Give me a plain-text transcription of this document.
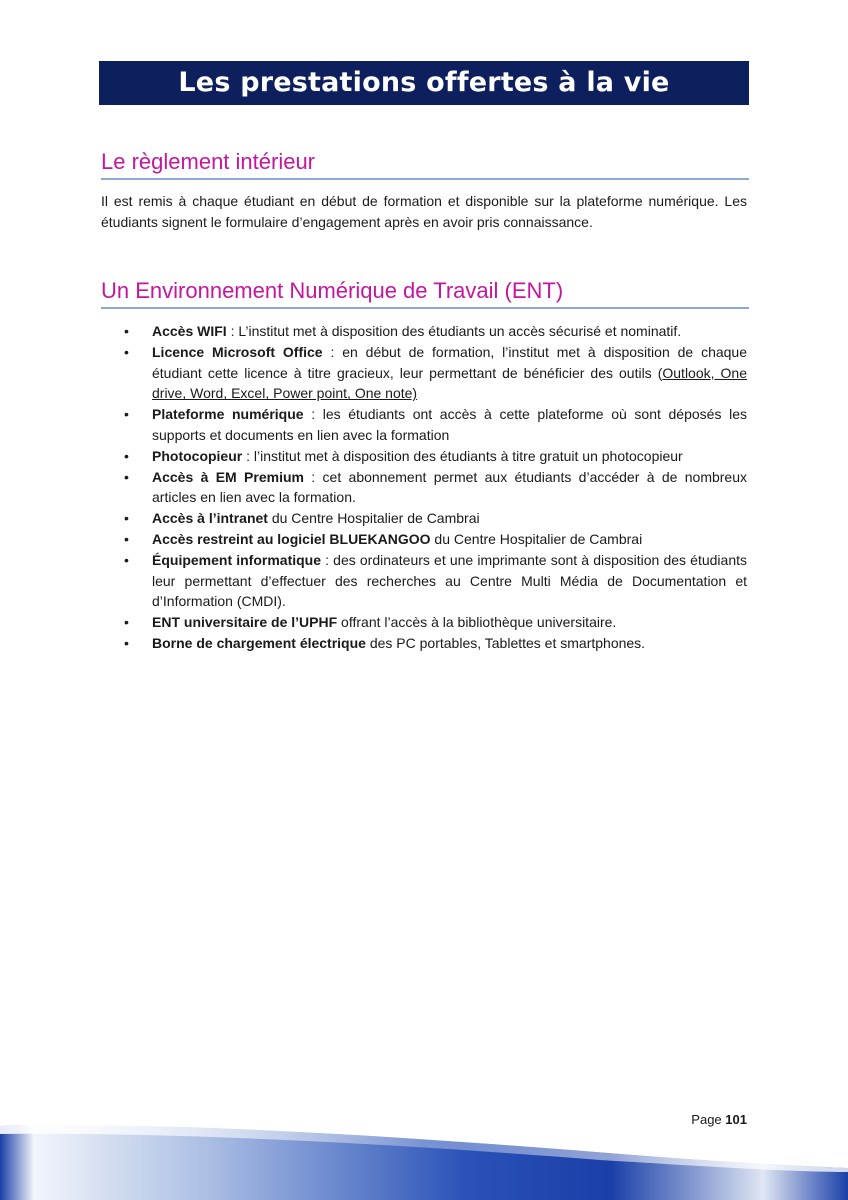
Les prestations offertes à la vie étudiante
Le règlement intérieur
Il est remis à chaque étudiant en début de formation et disponible sur la plateforme numérique. Les étudiants signent le formulaire d’engagement après en avoir pris connaissance.
Un Environnement Numérique de Travail (ENT)
• Accès WIFI : L’institut met à disposition des étudiants un accès sécurisé et nominatif.
• Licence Microsoft Office : en début de formation, l’institut met à disposition de chaque étudiant cette licence à titre gracieux, leur permettant de bénéficier des outils (Outlook, One drive, Word, Excel, Power point, One note)
• Plateforme numérique : les étudiants ont accès à cette plateforme où sont déposés les supports et documents en lien avec la formation
• Photocopieur : l’institut met à disposition des étudiants à titre gratuit un photocopieur
• Accès à EM Premium : cet abonnement permet aux étudiants d’accéder à de nombreux articles en lien avec la formation.
• Accès à l’intranet du Centre Hospitalier de Cambrai
• Accès restreint au logiciel BLUEKANGOO du Centre Hospitalier de Cambrai
• Équipement informatique : des ordinateurs et une imprimante sont à disposition des étudiants leur permettant d’effectuer des recherches au Centre Multi Média de Documentation et d’Information (CMDI).
• ENT universitaire de l’UPHF offrant l’accès à la bibliothèque universitaire.
• Borne de chargement électrique des PC portables, Tablettes et smartphones.
Page 101
